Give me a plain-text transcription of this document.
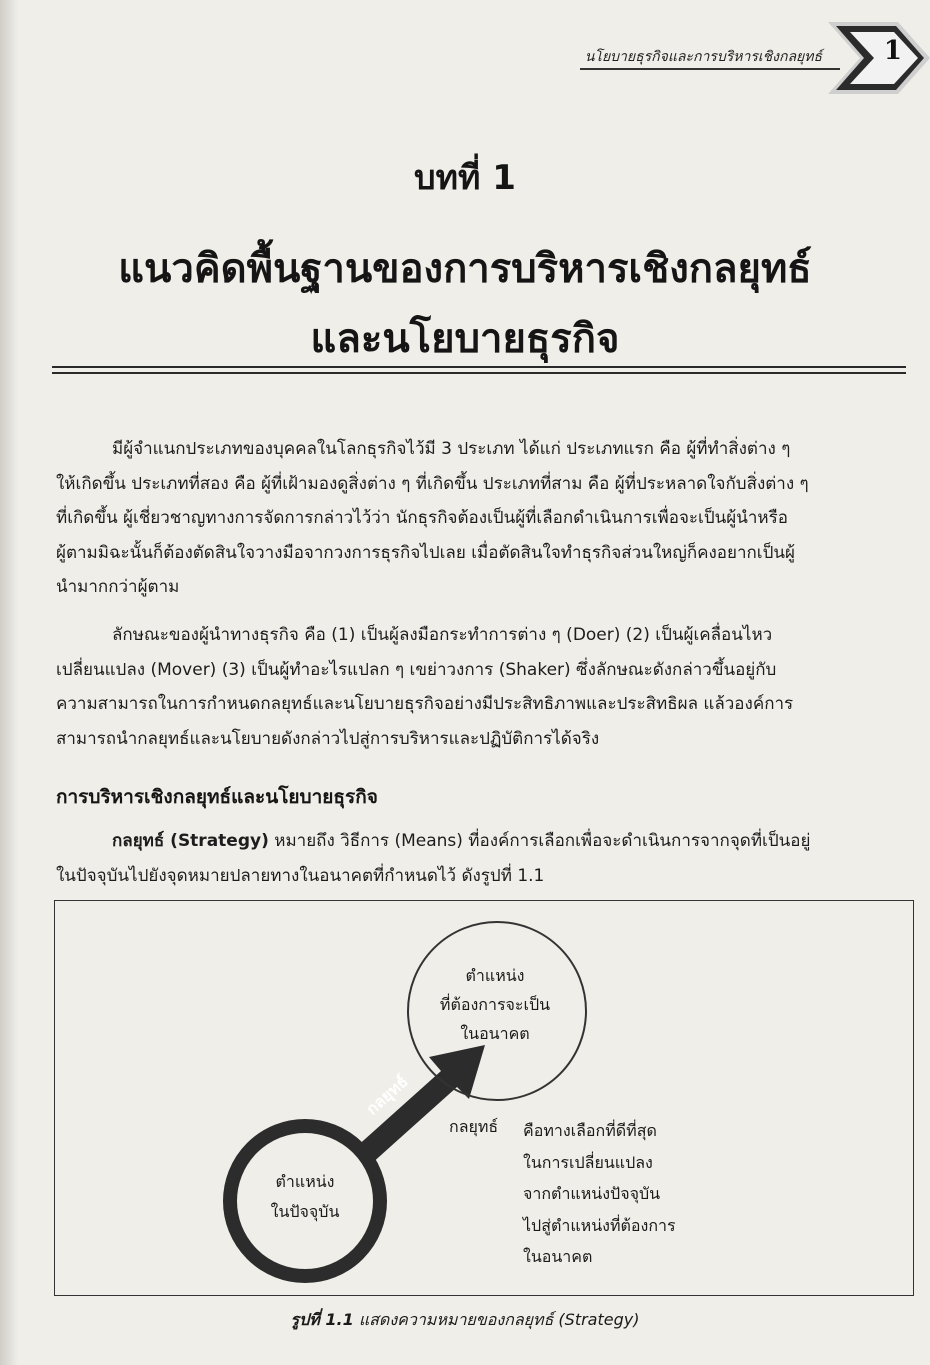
นโยบายธุรกิจและการบริหารเชิงกลยุทธ์ 1
บทที่ 1
แนวคิดพื้นฐานของการบริหารเชิงกลยุทธ์
และนโยบายธุรกิจ
มีผู้จำแนกประเภทของบุคคลในโลกธุรกิจไว้มี 3 ประเภท ได้แก่ ประเภทแรก คือ ผู้ที่ทำสิ่งต่าง ๆ
ให้เกิดขึ้น ประเภทที่สอง คือ ผู้ที่เฝ้ามองดูสิ่งต่าง ๆ ที่เกิดขึ้น ประเภทที่สาม คือ ผู้ที่ประหลาดใจกับสิ่งต่าง ๆ
ที่เกิดขึ้น ผู้เชี่ยวชาญทางการจัดการกล่าวไว้ว่า นักธุรกิจต้องเป็นผู้ที่เลือกดำเนินการเพื่อจะเป็นผู้นำหรือ
ผู้ตามมิฉะนั้นก็ต้องตัดสินใจวางมือจากวงการธุรกิจไปเลย เมื่อตัดสินใจทำธุรกิจส่วนใหญ่ก็คงอยากเป็นผู้
นำมากกว่าผู้ตาม
ลักษณะของผู้นำทางธุรกิจ คือ (1) เป็นผู้ลงมือกระทำการต่าง ๆ (Doer) (2) เป็นผู้เคลื่อนไหว
เปลี่ยนแปลง (Mover) (3) เป็นผู้ทำอะไรแปลก ๆ เขย่าวงการ (Shaker) ซึ่งลักษณะดังกล่าวขึ้นอยู่กับ
ความสามารถในการกำหนดกลยุทธ์และนโยบายธุรกิจอย่างมีประสิทธิภาพและประสิทธิผล แล้วองค์การ
สามารถนำกลยุทธ์และนโยบายดังกล่าวไปสู่การบริหารและปฏิบัติการได้จริง
การบริหารเชิงกลยุทธ์และนโยบายธุรกิจ
กลยุทธ์ (Strategy) หมายถึง วิธีการ (Means) ที่องค์การเลือกเพื่อจะดำเนินการจากจุดที่เป็นอยู่
ในปัจจุบันไปยังจุดหมายปลายทางในอนาคตที่กำหนดไว้ ดังรูปที่ 1.1
ตำแหน่ง
ที่ต้องการจะเป็น
ในอนาคต
ตำแหน่ง
ในปัจจุบัน
กลยุทธ์
กลยุทธ์ คือทางเลือกที่ดีที่สุด
ในการเปลี่ยนแปลง
จากตำแหน่งปัจจุบัน
ไปสู่ตำแหน่งที่ต้องการ
ในอนาคต
รูปที่ 1.1 แสดงความหมายของกลยุทธ์ (Strategy)
